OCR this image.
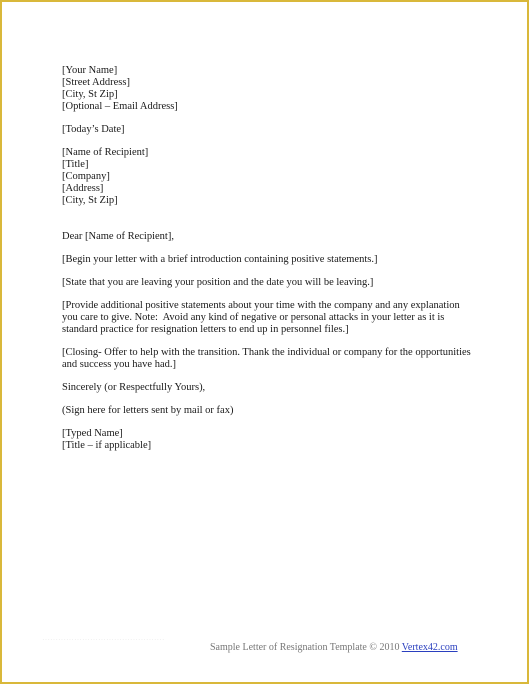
[Your Name]
[Street Address]
[City, St Zip]
[Optional – Email Address]
[Today’s Date]
[Name of Recipient]
[Title]
[Company]
[Address]
[City, St Zip]
Dear [Name of Recipient],
[Begin your letter with a brief introduction containing positive statements.]
[State that you are leaving your position and the date you will be leaving.]
[Provide additional positive statements about your time with the company and any explanation
you care to give. Note:  Avoid any kind of negative or personal attacks in your letter as it is
standard practice for resignation letters to end up in personnel files.]
[Closing- Offer to help with the transition. Thank the individual or company for the opportunities
and success you have had.]
Sincerely (or Respectfully Yours),
(Sign here for letters sent by mail or fax)
[Typed Name]
[Title – if applicable]
··············································
Sample Letter of Resignation Template © 2010 Vertex42.com
